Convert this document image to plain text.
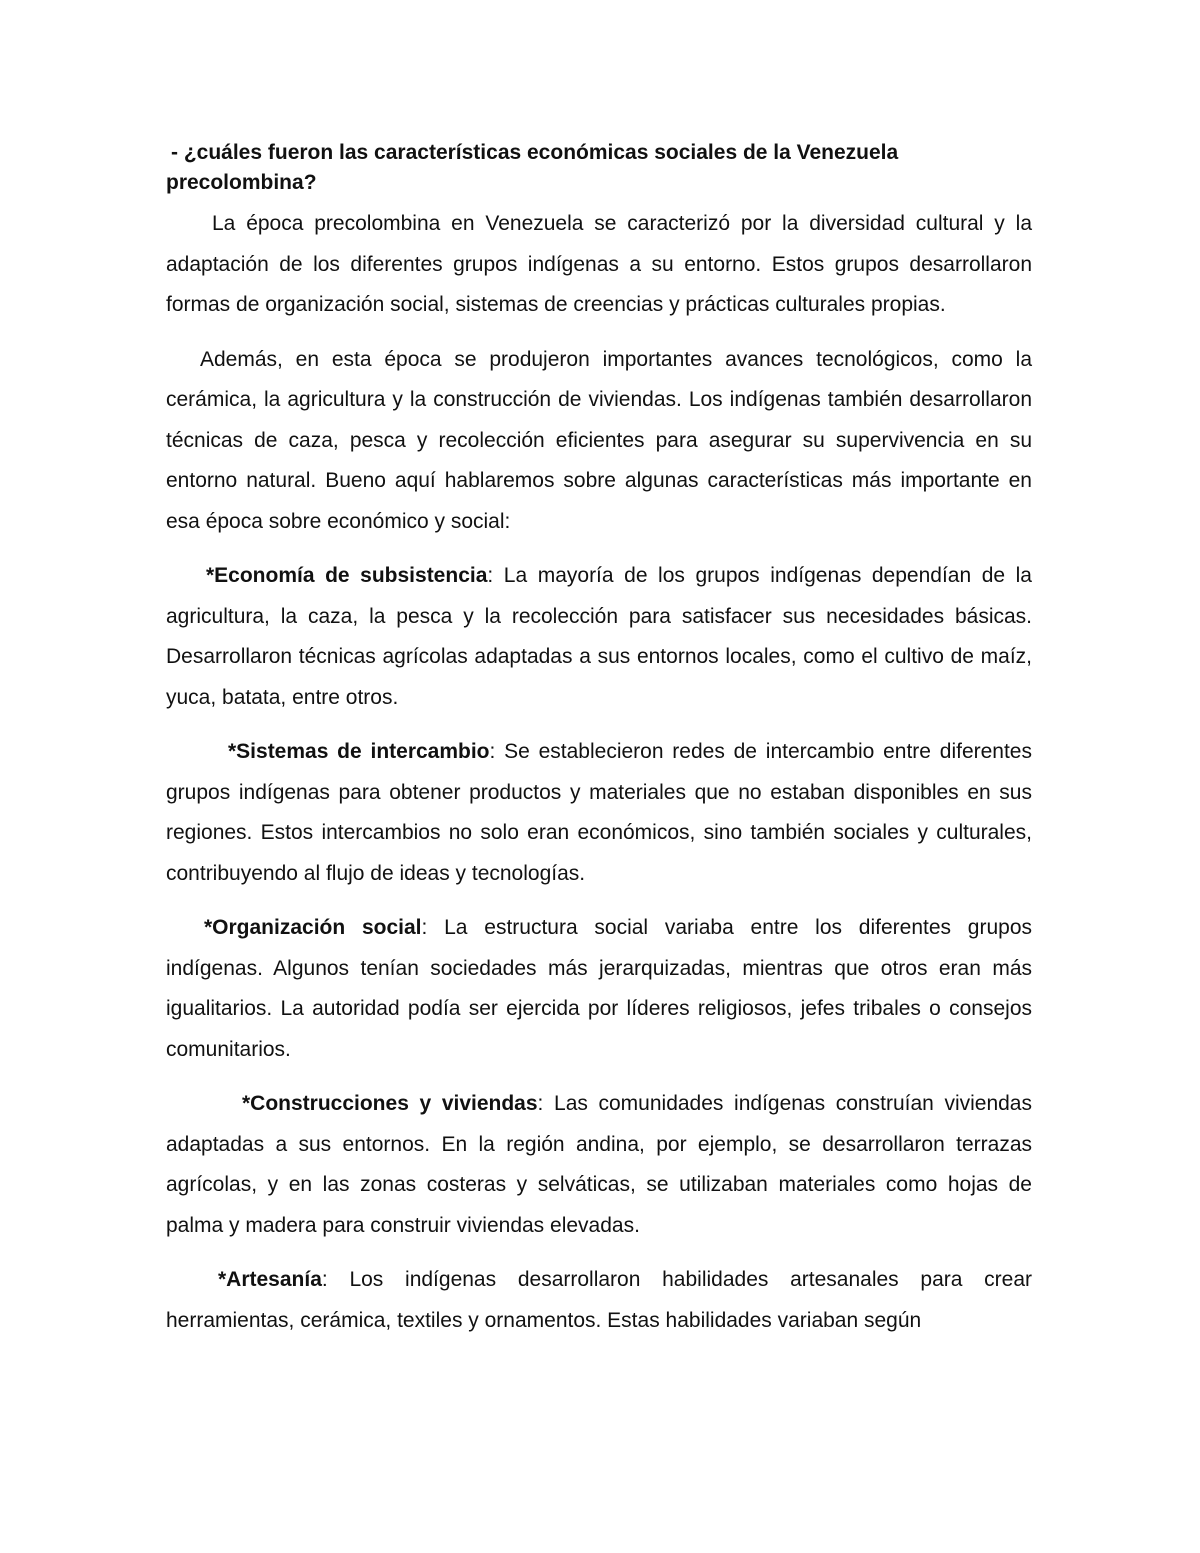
- ¿cuáles fueron las características económicas sociales de la Venezuela precolombina?

La época precolombina en Venezuela se caracterizó por la diversidad cultural y la adaptación de los diferentes grupos indígenas a su entorno. Estos grupos desarrollaron formas de organización social, sistemas de creencias y prácticas culturales propias.

Además, en esta época se produjeron importantes avances tecnológicos, como la cerámica, la agricultura y la construcción de viviendas. Los indígenas también desarrollaron técnicas de caza, pesca y recolección eficientes para asegurar su supervivencia en su entorno natural. Bueno aquí hablaremos sobre algunas características más importante en esa época sobre económico y social:

*Economía de subsistencia: La mayoría de los grupos indígenas dependían de la agricultura, la caza, la pesca y la recolección para satisfacer sus necesidades básicas. Desarrollaron técnicas agrícolas adaptadas a sus entornos locales, como el cultivo de maíz, yuca, batata, entre otros.

*Sistemas de intercambio: Se establecieron redes de intercambio entre diferentes grupos indígenas para obtener productos y materiales que no estaban disponibles en sus regiones. Estos intercambios no solo eran económicos, sino también sociales y culturales, contribuyendo al flujo de ideas y tecnologías.

*Organización social: La estructura social variaba entre los diferentes grupos indígenas. Algunos tenían sociedades más jerarquizadas, mientras que otros eran más igualitarios. La autoridad podía ser ejercida por líderes religiosos, jefes tribales o consejos comunitarios.

*Construcciones y viviendas: Las comunidades indígenas construían viviendas adaptadas a sus entornos. En la región andina, por ejemplo, se desarrollaron terrazas agrícolas, y en las zonas costeras y selváticas, se utilizaban materiales como hojas de palma y madera para construir viviendas elevadas.

*Artesanía: Los indígenas desarrollaron habilidades artesanales para crear herramientas, cerámica, textiles y ornamentos. Estas habilidades variaban según
